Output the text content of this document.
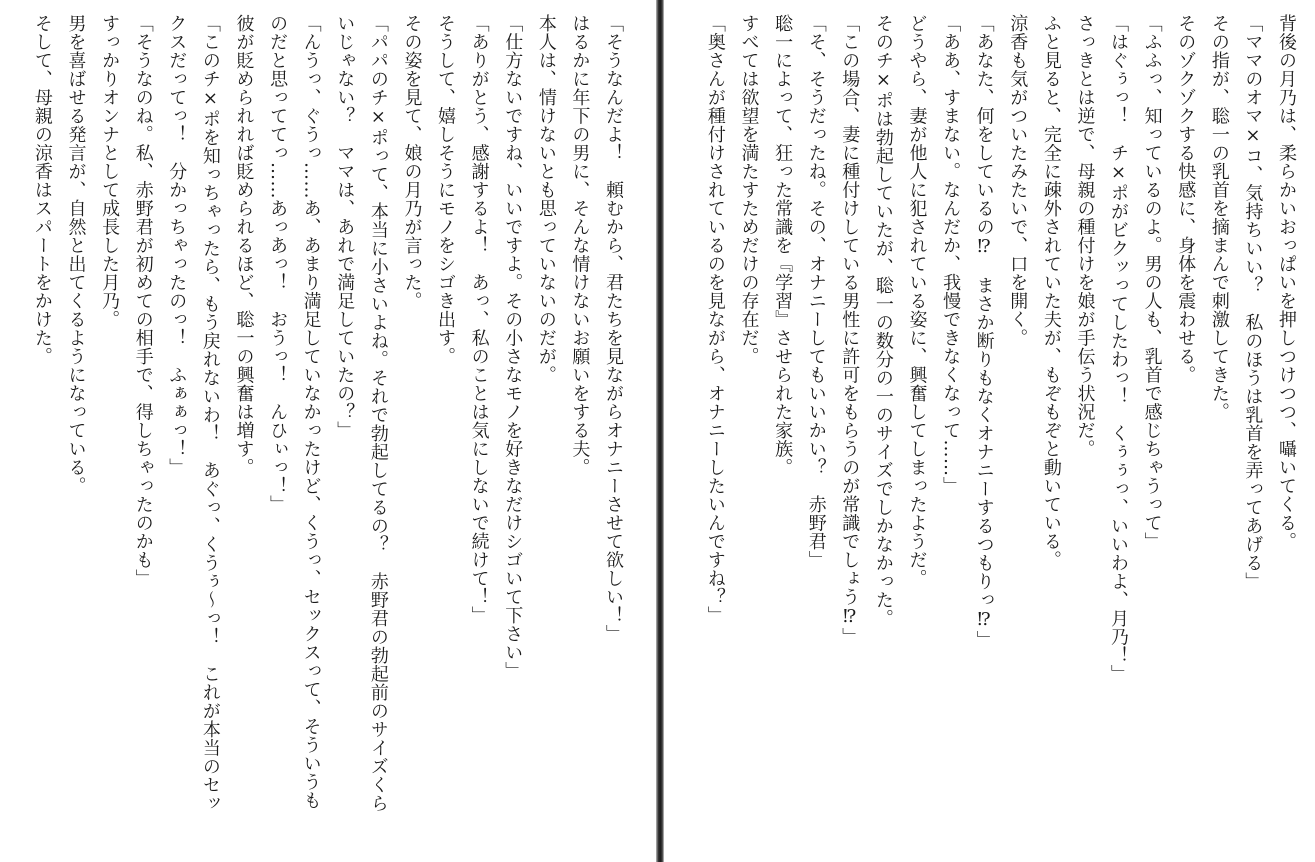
「そうなんだよ！　頼むから、君たちを見ながらオナニーさせて欲しい！」
はるかに年下の男に、そんな情けないお願いをする夫。
本人は、情けないとも思っていないのだが。
「仕方ないですね、いいですよ。その小さなモノを好きなだけシゴいて下さい」
「ありがとう、感謝するよ！　あっ、私のことは気にしないで続けて！」
そうして、嬉しそうにモノをシゴき出す。
その姿を見て、娘の月乃が言った。
「パパのチ×ポって、本当に小さいよね。それで勃起してるの？　赤野君の勃起前のサイズくら
いじゃない？　ママは、あれで満足していたの？」
「んうっ、ぐうっ……あ、あまり満足していなかったけど、くうっ、セックスって、そういうも
のだと思っててっ……あっあっ！　おうっ！　んひぃっ！」
彼が貶められれば貶められるほど、聡一の興奮は増す。
「このチ×ポを知っちゃったら、もう戻れないわ！　あぐっ、くうぅ～っ！　これが本当のセッ
クスだってっ！　分かっちゃったのっ！　ふぁぁっ！」
「そうなのね。私、赤野君が初めての相手で、得しちゃったのかも」
すっかりオンナとして成長した月乃。
男を喜ばせる発言が、自然と出てくるようになっている。
そして、母親の涼香はスパートをかけた。	背後の月乃は、柔らかいおっぱいを押しつけつつ、囁いてくる。
「ママのオマ×コ、気持ちいい？　私のほうは乳首を弄ってあげる」
その指が、聡一の乳首を摘まんで刺激してきた。
そのゾクゾクする快感に、身体を震わせる。
「ふふっ、知っているのよ。男の人も、乳首で感じちゃうって」
「はぐぅっ！　チ×ポがビクッってしたわっ！　くぅぅっ、いいわよ、月乃！」
さっきとは逆で、母親の種付けを娘が手伝う状況だ。
ふと見ると、完全に疎外されていた夫が、もぞもぞと動いている。
涼香も気がついたみたいで、口を開く。
「あなた、何をしているの⁉　まさか断りもなくオナニーするつもりっ⁉」
「ああ、すまない。なんだか、我慢できなくなって……」
どうやら、妻が他人に犯されている姿に、興奮してしまったようだ。
そのチ×ポは勃起していたが、聡一の数分の一のサイズでしかなかった。
「この場合、妻に種付けしている男性に許可をもらうのが常識でしょう⁉」
「そ、そうだったね。その、オナニーしてもいいかい？　赤野君」
聡一によって、狂った常識を『学習』させられた家族。
すべては欲望を満たすためだけの存在だ。
「奥さんが種付けされているのを見ながら、オナニーしたいんですね？」
